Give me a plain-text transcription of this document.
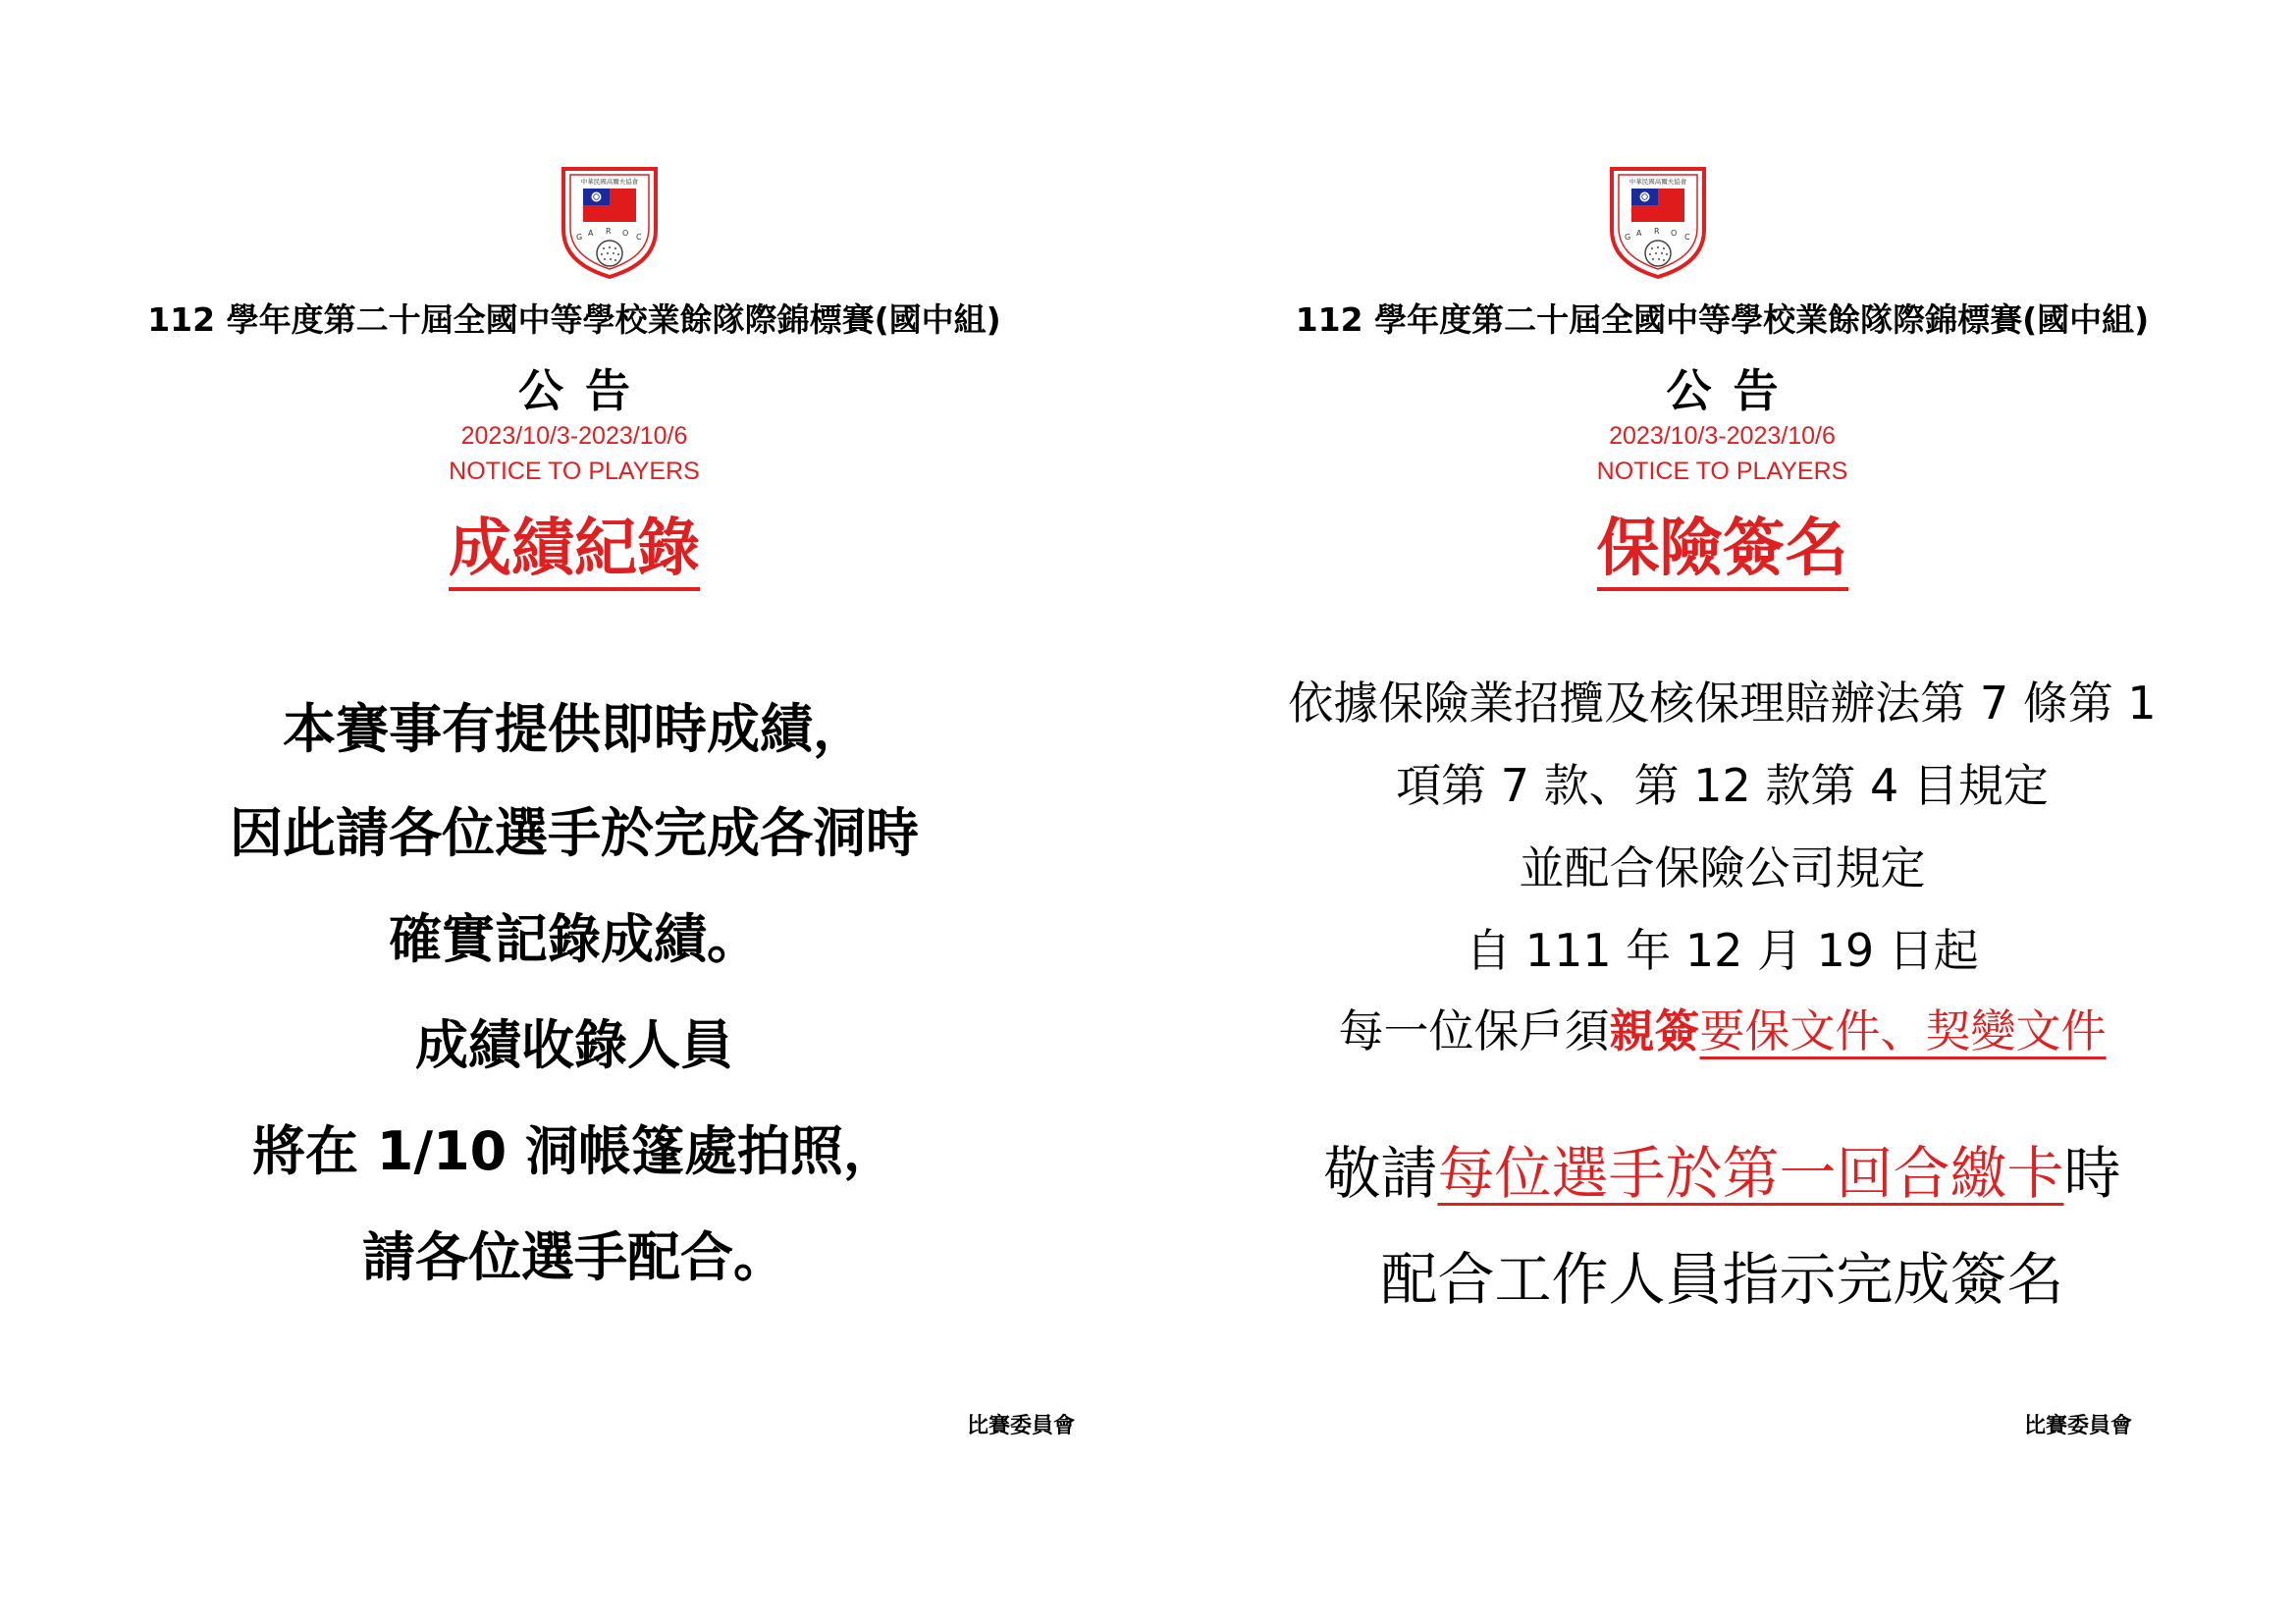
112 學年度第二十屆全國中等學校業餘隊際錦標賽(國中組)
公告
2023/10/3-2023/10/6
NOTICE TO PLAYERS
成績紀錄
本賽事有提供即時成績，
因此請各位選手於完成各洞時
確實記錄成績。
成績收錄人員
將在 1/10 洞帳篷處拍照，
請各位選手配合。
比賽委員會
112 學年度第二十屆全國中等學校業餘隊際錦標賽(國中組)
公告
2023/10/3-2023/10/6
NOTICE TO PLAYERS
保險簽名
依據保險業招攬及核保理賠辦法第 7 條第 1
項第 7 款、第 12 款第 4 目規定
並配合保險公司規定
自 111 年 12 月 19 日起
每一位保戶須親簽要保文件、契變文件
敬請每位選手於第一回合繳卡時
配合工作人員指示完成簽名
比賽委員會
